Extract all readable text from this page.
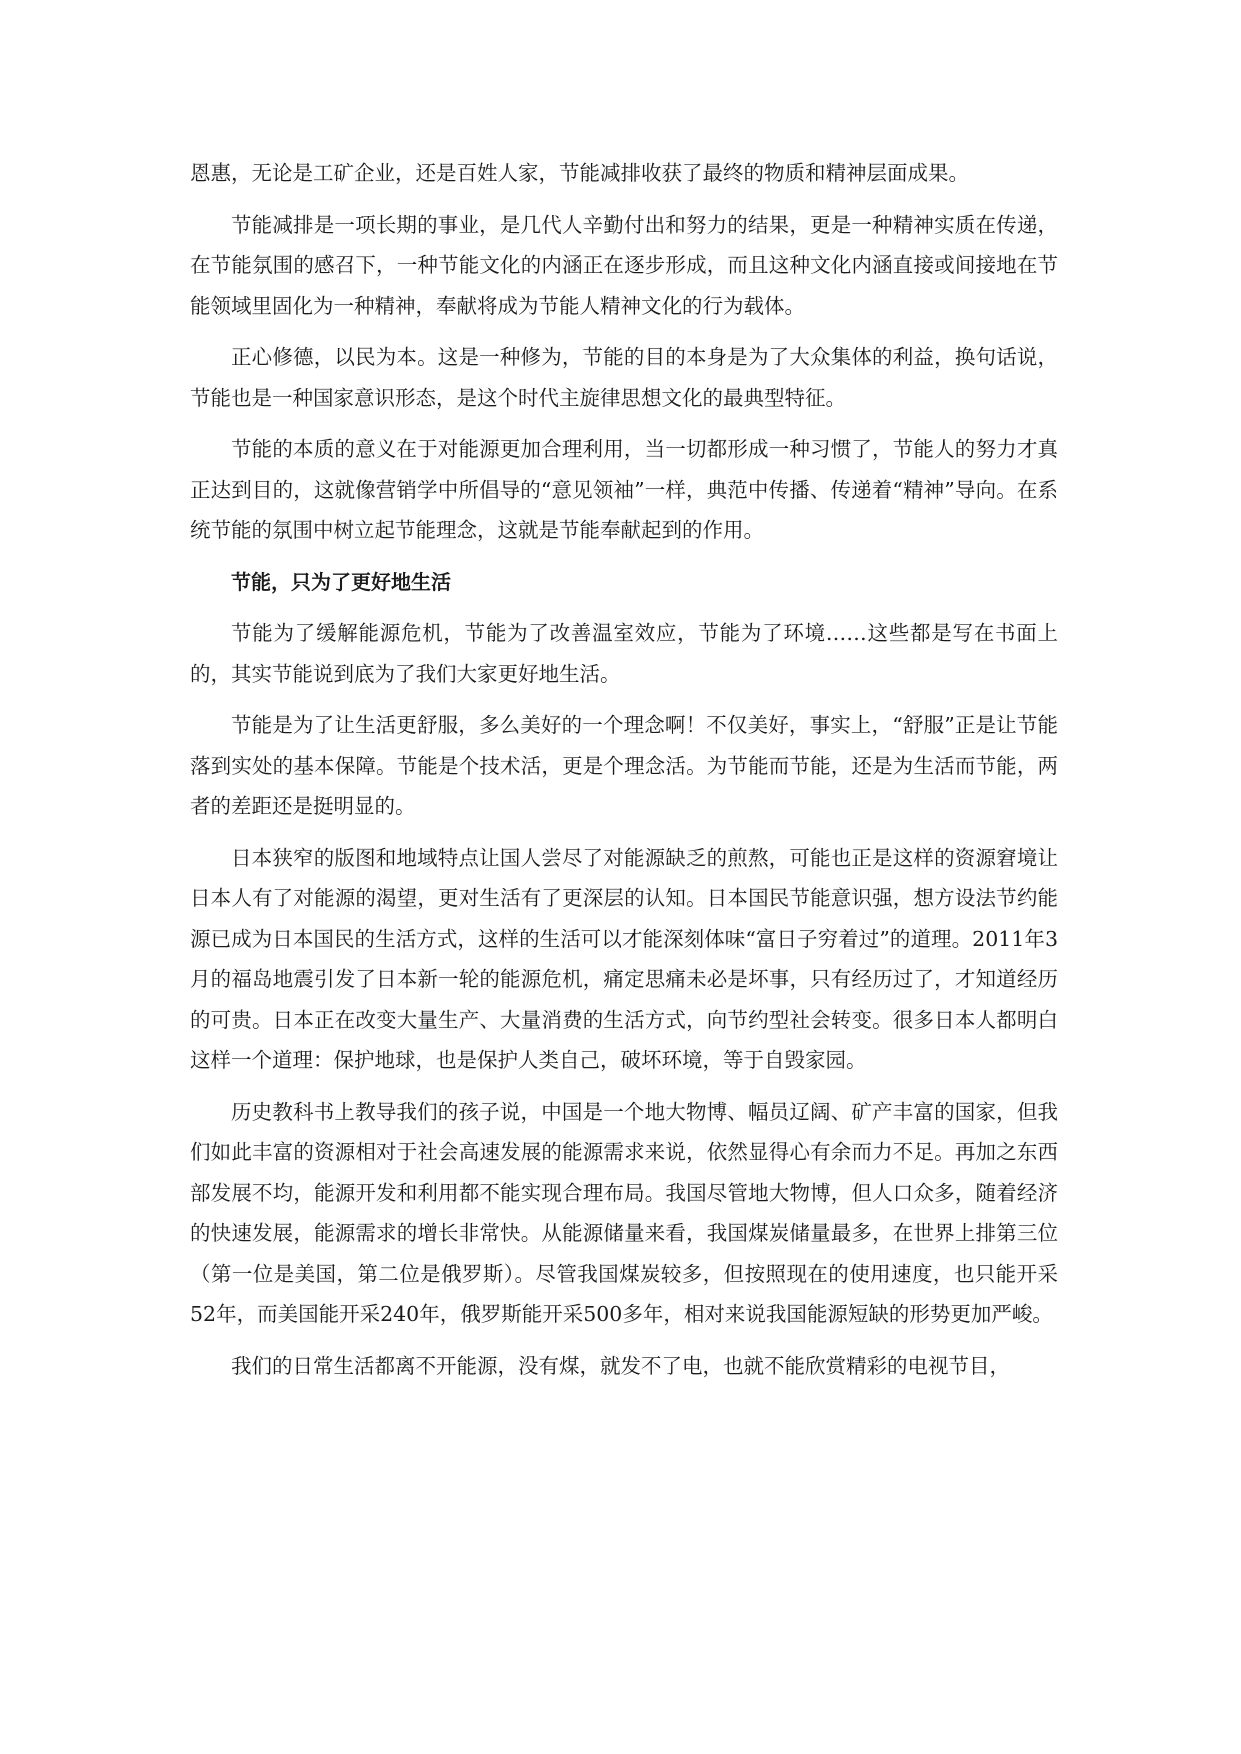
恩惠，无论是工矿企业，还是百姓人家，节能减排收获了最终的物质和精神层面成果。

节能减排是一项长期的事业，是几代人辛勤付出和努力的结果，更是一种精神实质在传递，在节能氛围的感召下，一种节能文化的内涵正在逐步形成，而且这种文化内涵直接或间接地在节能领域里固化为一种精神，奉献将成为节能人精神文化的行为载体。

正心修德，以民为本。这是一种修为，节能的目的本身是为了大众集体的利益，换句话说，节能也是一种国家意识形态，是这个时代主旋律思想文化的最典型特征。

节能的本质的意义在于对能源更加合理利用，当一切都形成一种习惯了，节能人的努力才真正达到目的，这就像营销学中所倡导的“意见领袖”一样，典范中传播、传递着“精神”导向。在系统节能的氛围中树立起节能理念，这就是节能奉献起到的作用。

节能，只为了更好地生活

节能为了缓解能源危机，节能为了改善温室效应，节能为了环境……这些都是写在书面上的，其实节能说到底为了我们大家更好地生活。

节能是为了让生活更舒服，多么美好的一个理念啊！不仅美好，事实上，“舒服”正是让节能落到实处的基本保障。节能是个技术活，更是个理念活。为节能而节能，还是为生活而节能，两者的差距还是挺明显的。

日本狭窄的版图和地域特点让国人尝尽了对能源缺乏的煎熬，可能也正是这样的资源窘境让日本人有了对能源的渴望，更对生活有了更深层的认知。日本国民节能意识强，想方设法节约能源已成为日本国民的生活方式，这样的生活可以才能深刻体味“富日子穷着过”的道理。2011年3月的福岛地震引发了日本新一轮的能源危机，痛定思痛未必是坏事，只有经历过了，才知道经历的可贵。日本正在改变大量生产、大量消费的生活方式，向节约型社会转变。很多日本人都明白这样一个道理：保护地球，也是保护人类自己，破坏环境，等于自毁家园。

历史教科书上教导我们的孩子说，中国是一个地大物博、幅员辽阔、矿产丰富的国家，但我们如此丰富的资源相对于社会高速发展的能源需求来说，依然显得心有余而力不足。再加之东西部发展不均，能源开发和利用都不能实现合理布局。我国尽管地大物博，但人口众多，随着经济的快速发展，能源需求的增长非常快。从能源储量来看，我国煤炭储量最多，在世界上排第三位（第一位是美国，第二位是俄罗斯）。尽管我国煤炭较多，但按照现在的使用速度，也只能开采52年，而美国能开采240年，俄罗斯能开采500多年，相对来说我国能源短缺的形势更加严峻。

我们的日常生活都离不开能源，没有煤，就发不了电，也就不能欣赏精彩的电视节目，
